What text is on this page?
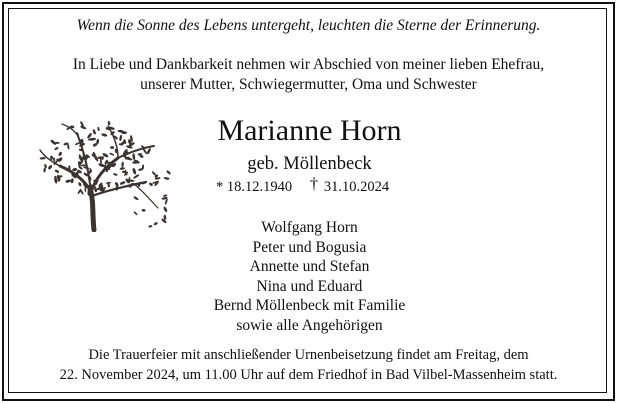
Wenn die Sonne des Lebens untergeht, leuchten die Sterne der Erinnerung.
In Liebe und Dankbarkeit nehmen wir Abschied von meiner lieben Ehefrau,
unserer Mutter, Schwiegermutter, Oma und Schwester
Marianne Horn
geb. Möllenbeck
* 18.12.1940 † 31.10.2024
Wolfgang Horn
Peter und Bogusia
Annette und Stefan
Nina und Eduard
Bernd Möllenbeck mit Familie
sowie alle Angehörigen
Die Trauerfeier mit anschließender Urnenbeisetzung findet am Freitag, dem
22. November 2024, um 11.00 Uhr auf dem Friedhof in Bad Vilbel-Massenheim statt.
